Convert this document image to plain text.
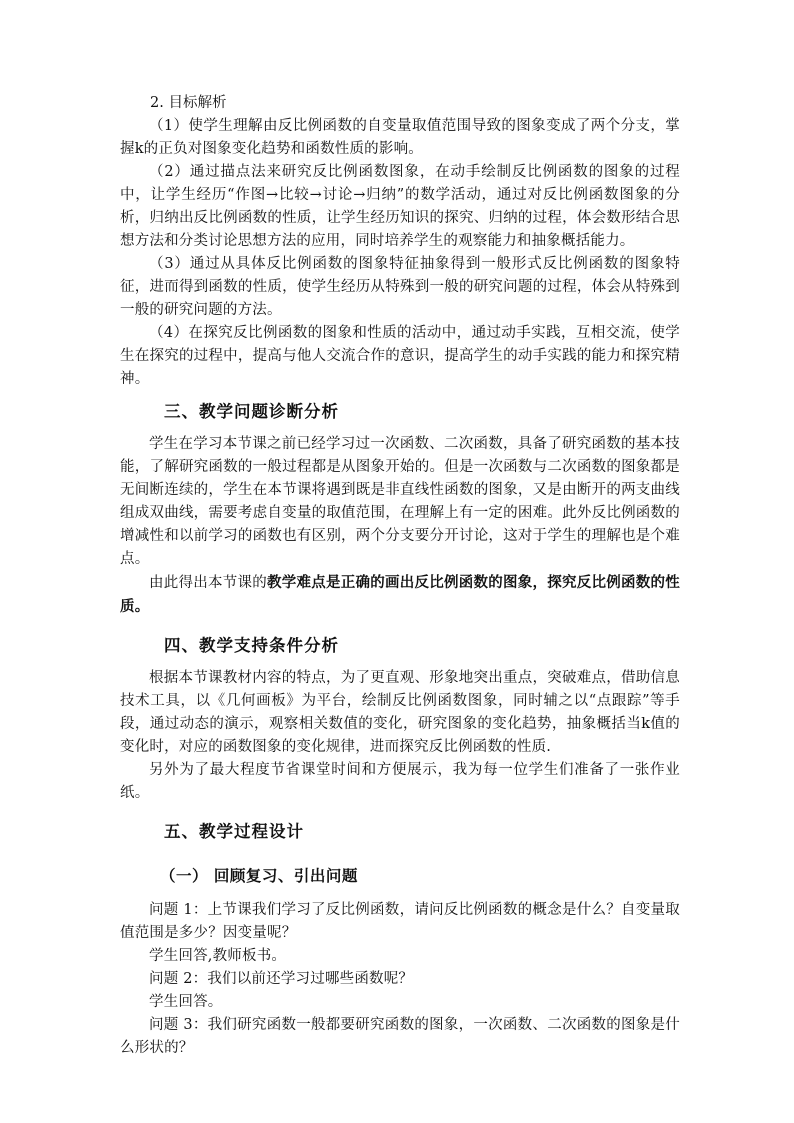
2. 目标解析

（1）使学生理解由反比例函数的自变量取值范围导致的图象变成了两个分支，掌握k的正负对图象变化趋势和函数性质的影响。

（2）通过描点法来研究反比例函数图象，在动手绘制反比例函数的图象的过程中，让学生经历“作图→比较→讨论→归纳”的数学活动，通过对反比例函数图象的分析，归纳出反比例函数的性质，让学生经历知识的探究、归纳的过程，体会数形结合思想方法和分类讨论思想方法的应用，同时培养学生的观察能力和抽象概括能力。

（3）通过从具体反比例函数的图象特征抽象得到一般形式反比例函数的图象特征，进而得到函数的性质，使学生经历从特殊到一般的研究问题的过程，体会从特殊到一般的研究问题的方法。

（4）在探究反比例函数的图象和性质的活动中，通过动手实践，互相交流，使学生在探究的过程中，提高与他人交流合作的意识，提高学生的动手实践的能力和探究精神。

三、教学问题诊断分析

学生在学习本节课之前已经学习过一次函数、二次函数，具备了研究函数的基本技能，了解研究函数的一般过程都是从图象开始的。但是一次函数与二次函数的图象都是无间断连续的，学生在本节课将遇到既是非直线性函数的图象，又是由断开的两支曲线组成双曲线，需要考虑自变量的取值范围，在理解上有一定的困难。此外反比例函数的增减性和以前学习的函数也有区别，两个分支要分开讨论，这对于学生的理解也是个难点。

由此得出本节课的教学难点是正确的画出反比例函数的图象，探究反比例函数的性质。

四、教学支持条件分析

根据本节课教材内容的特点，为了更直观、形象地突出重点，突破难点，借助信息技术工具，以《几何画板》为平台，绘制反比例函数图象，同时辅之以“点跟踪”等手段，通过动态的演示，观察相关数值的变化，研究图象的变化趋势，抽象概括当k值的变化时，对应的函数图象的变化规律，进而探究反比例函数的性质.

另外为了最大程度节省课堂时间和方便展示，我为每一位学生们准备了一张作业纸。

五、教学过程设计
（一） 回顾复习、引出问题

问题 1：上节课我们学习了反比例函数，请问反比例函数的概念是什么？自变量取值范围是多少？因变量呢？

学生回答,教师板书。

问题 2：我们以前还学习过哪些函数呢？

学生回答。

问题 3：我们研究函数一般都要研究函数的图象，一次函数、二次函数的图象是什么形状的？
